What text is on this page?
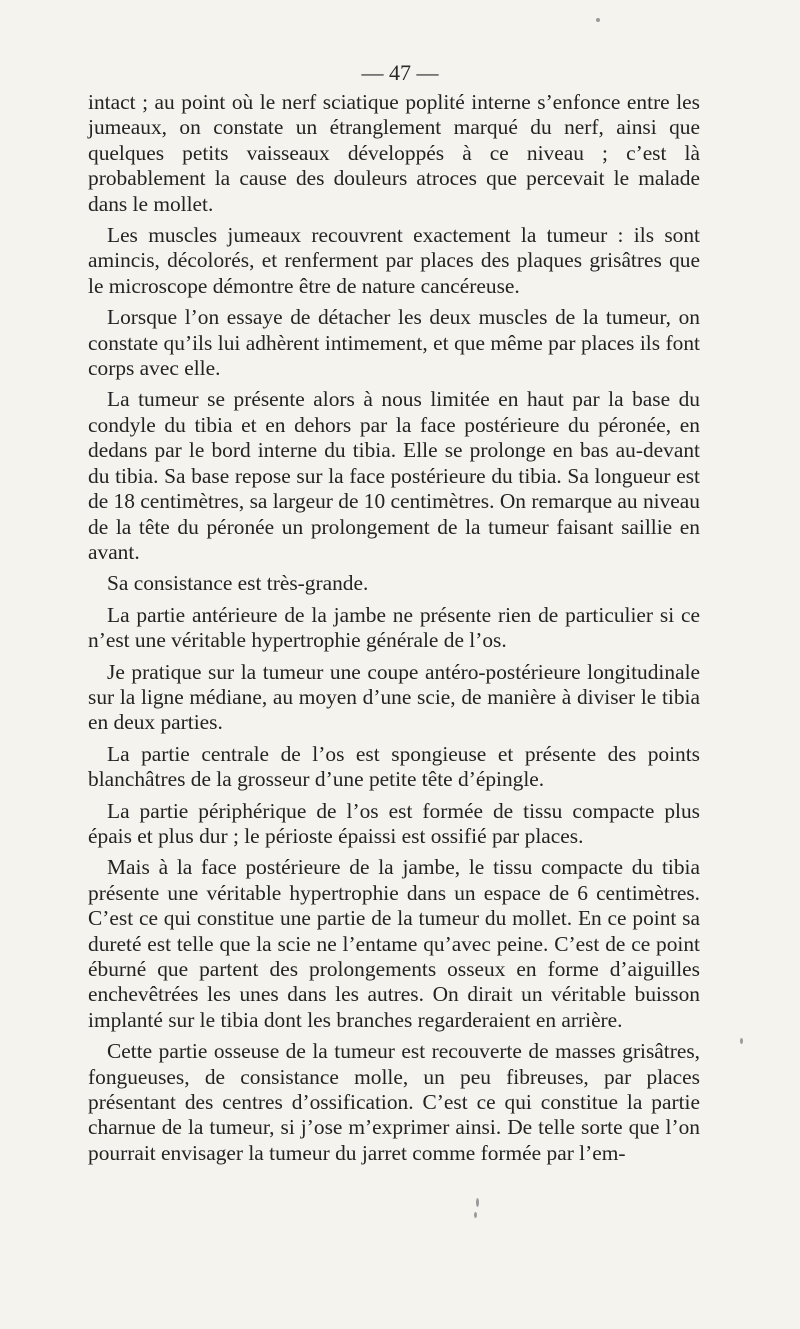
— 47 —

intact ; au point où le nerf sciatique poplité interne s’enfonce entre les jumeaux, on constate un étranglement marqué du nerf, ainsi que quelques petits vaisseaux développés à ce niveau ; c’est là probablement la cause des douleurs atroces que percevait le malade dans le mollet.

Les muscles jumeaux recouvrent exactement la tumeur : ils sont amincis, décolorés, et renferment par places des plaques grisâtres que le microscope démontre être de nature cancéreuse.

Lorsque l’on essaye de détacher les deux muscles de la tumeur, on constate qu’ils lui adhèrent intimement, et que même par places ils font corps avec elle.

La tumeur se présente alors à nous limitée en haut par la base du condyle du tibia et en dehors par la face postérieure du péronée, en dedans par le bord interne du tibia. Elle se prolonge en bas au-devant du tibia. Sa base repose sur la face postérieure du tibia. Sa longueur est de 18 centimètres, sa largeur de 10 centimètres. On remarque au niveau de la tête du péronée un prolongement de la tumeur faisant saillie en avant.

Sa consistance est très-grande.

La partie antérieure de la jambe ne présente rien de particulier si ce n’est une véritable hypertrophie générale de l’os.

Je pratique sur la tumeur une coupe antéro-postérieure longitudinale sur la ligne médiane, au moyen d’une scie, de manière à diviser le tibia en deux parties.

La partie centrale de l’os est spongieuse et présente des points blanchâtres de la grosseur d’une petite tête d’épingle.

La partie périphérique de l’os est formée de tissu compacte plus épais et plus dur ; le périoste épaissi est ossifié par places.

Mais à la face postérieure de la jambe, le tissu compacte du tibia présente une véritable hypertrophie dans un espace de 6 centimètres. C’est ce qui constitue une partie de la tumeur du mollet. En ce point sa dureté est telle que la scie ne l’entame qu’avec peine. C’est de ce point éburné que partent des prolongements osseux en forme d’aiguilles enchevêtrées les unes dans les autres. On dirait un véritable buisson implanté sur le tibia dont les branches regarderaient en arrière.

Cette partie osseuse de la tumeur est recouverte de masses grisâtres, fongueuses, de consistance molle, un peu fibreuses, par places présentant des centres d’ossification. C’est ce qui constitue la partie charnue de la tumeur, si j’ose m’exprimer ainsi. De telle sorte que l’on pourrait envisager la tumeur du jarret comme formée par l’em-
